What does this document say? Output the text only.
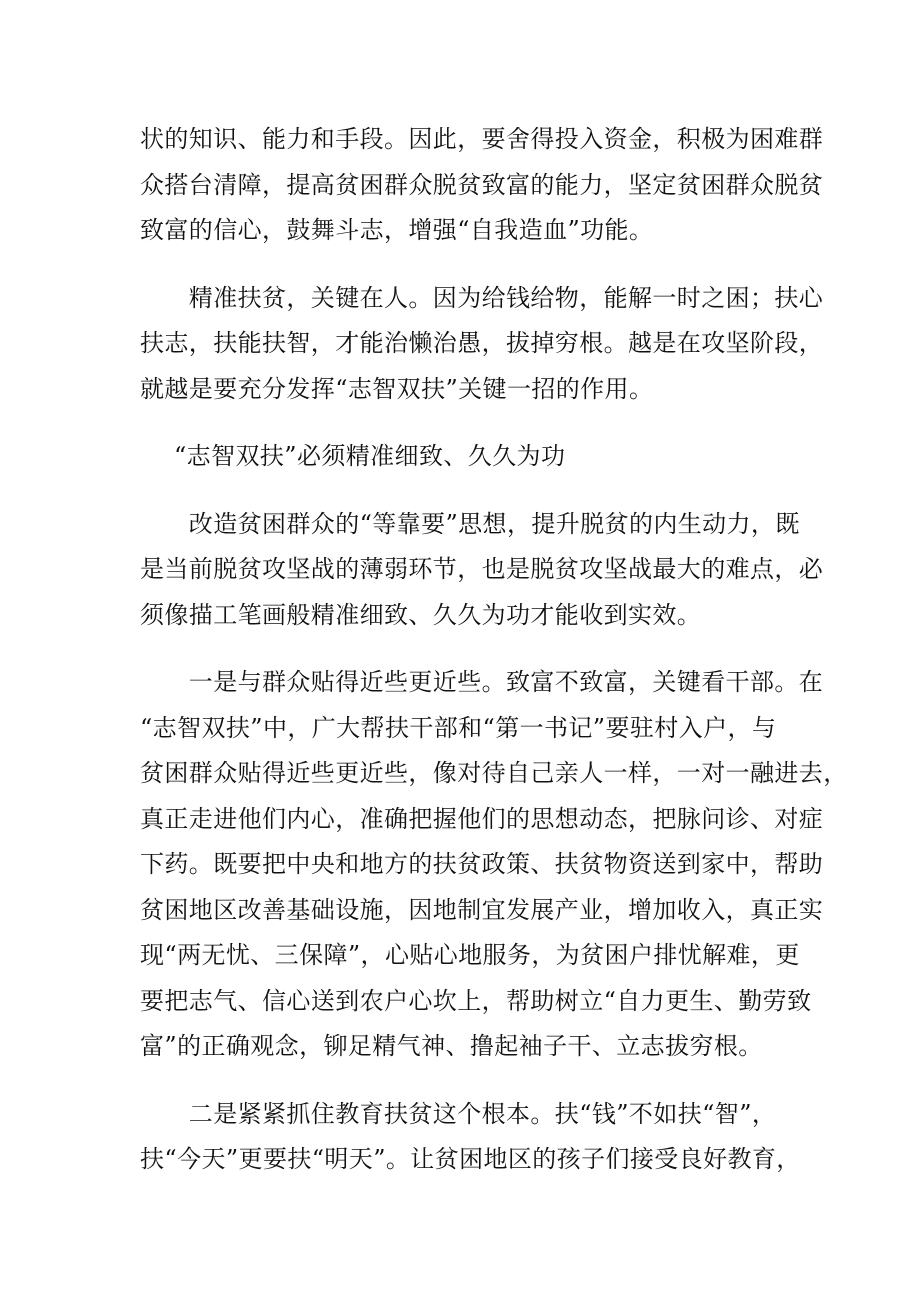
状的知识、能力和手段。因此，要舍得投入资金，积极为困难群
众搭台清障，提高贫困群众脱贫致富的能力，坚定贫困群众脱贫
致富的信心，鼓舞斗志，增强“自我造血”功能。

　　精准扶贫，关键在人。因为给钱给物，能解一时之困；扶心
扶志，扶能扶智，才能治懒治愚，拔掉穷根。越是在攻坚阶段，
就越是要充分发挥“志智双扶”关键一招的作用。

“志智双扶”必须精准细致、久久为功

　　改造贫困群众的“等靠要”思想，提升脱贫的内生动力，既
是当前脱贫攻坚战的薄弱环节，也是脱贫攻坚战最大的难点，必
须像描工笔画般精准细致、久久为功才能收到实效。

　　一是与群众贴得近些更近些。致富不致富，关键看干部。在
“志智双扶”中，广大帮扶干部和“第一书记”要驻村入户，与
贫困群众贴得近些更近些，像对待自己亲人一样，一对一融进去，
真正走进他们内心，准确把握他们的思想动态，把脉问诊、对症
下药。既要把中央和地方的扶贫政策、扶贫物资送到家中，帮助
贫困地区改善基础设施，因地制宜发展产业，增加收入，真正实
现“两无忧、三保障”，心贴心地服务，为贫困户排忧解难，更
要把志气、信心送到农户心坎上，帮助树立“自力更生、勤劳致
富”的正确观念，铆足精气神、撸起袖子干、立志拔穷根。

　　二是紧紧抓住教育扶贫这个根本。扶“钱”不如扶“智”，
扶“今天”更要扶“明天”。让贫困地区的孩子们接受良好教育，
